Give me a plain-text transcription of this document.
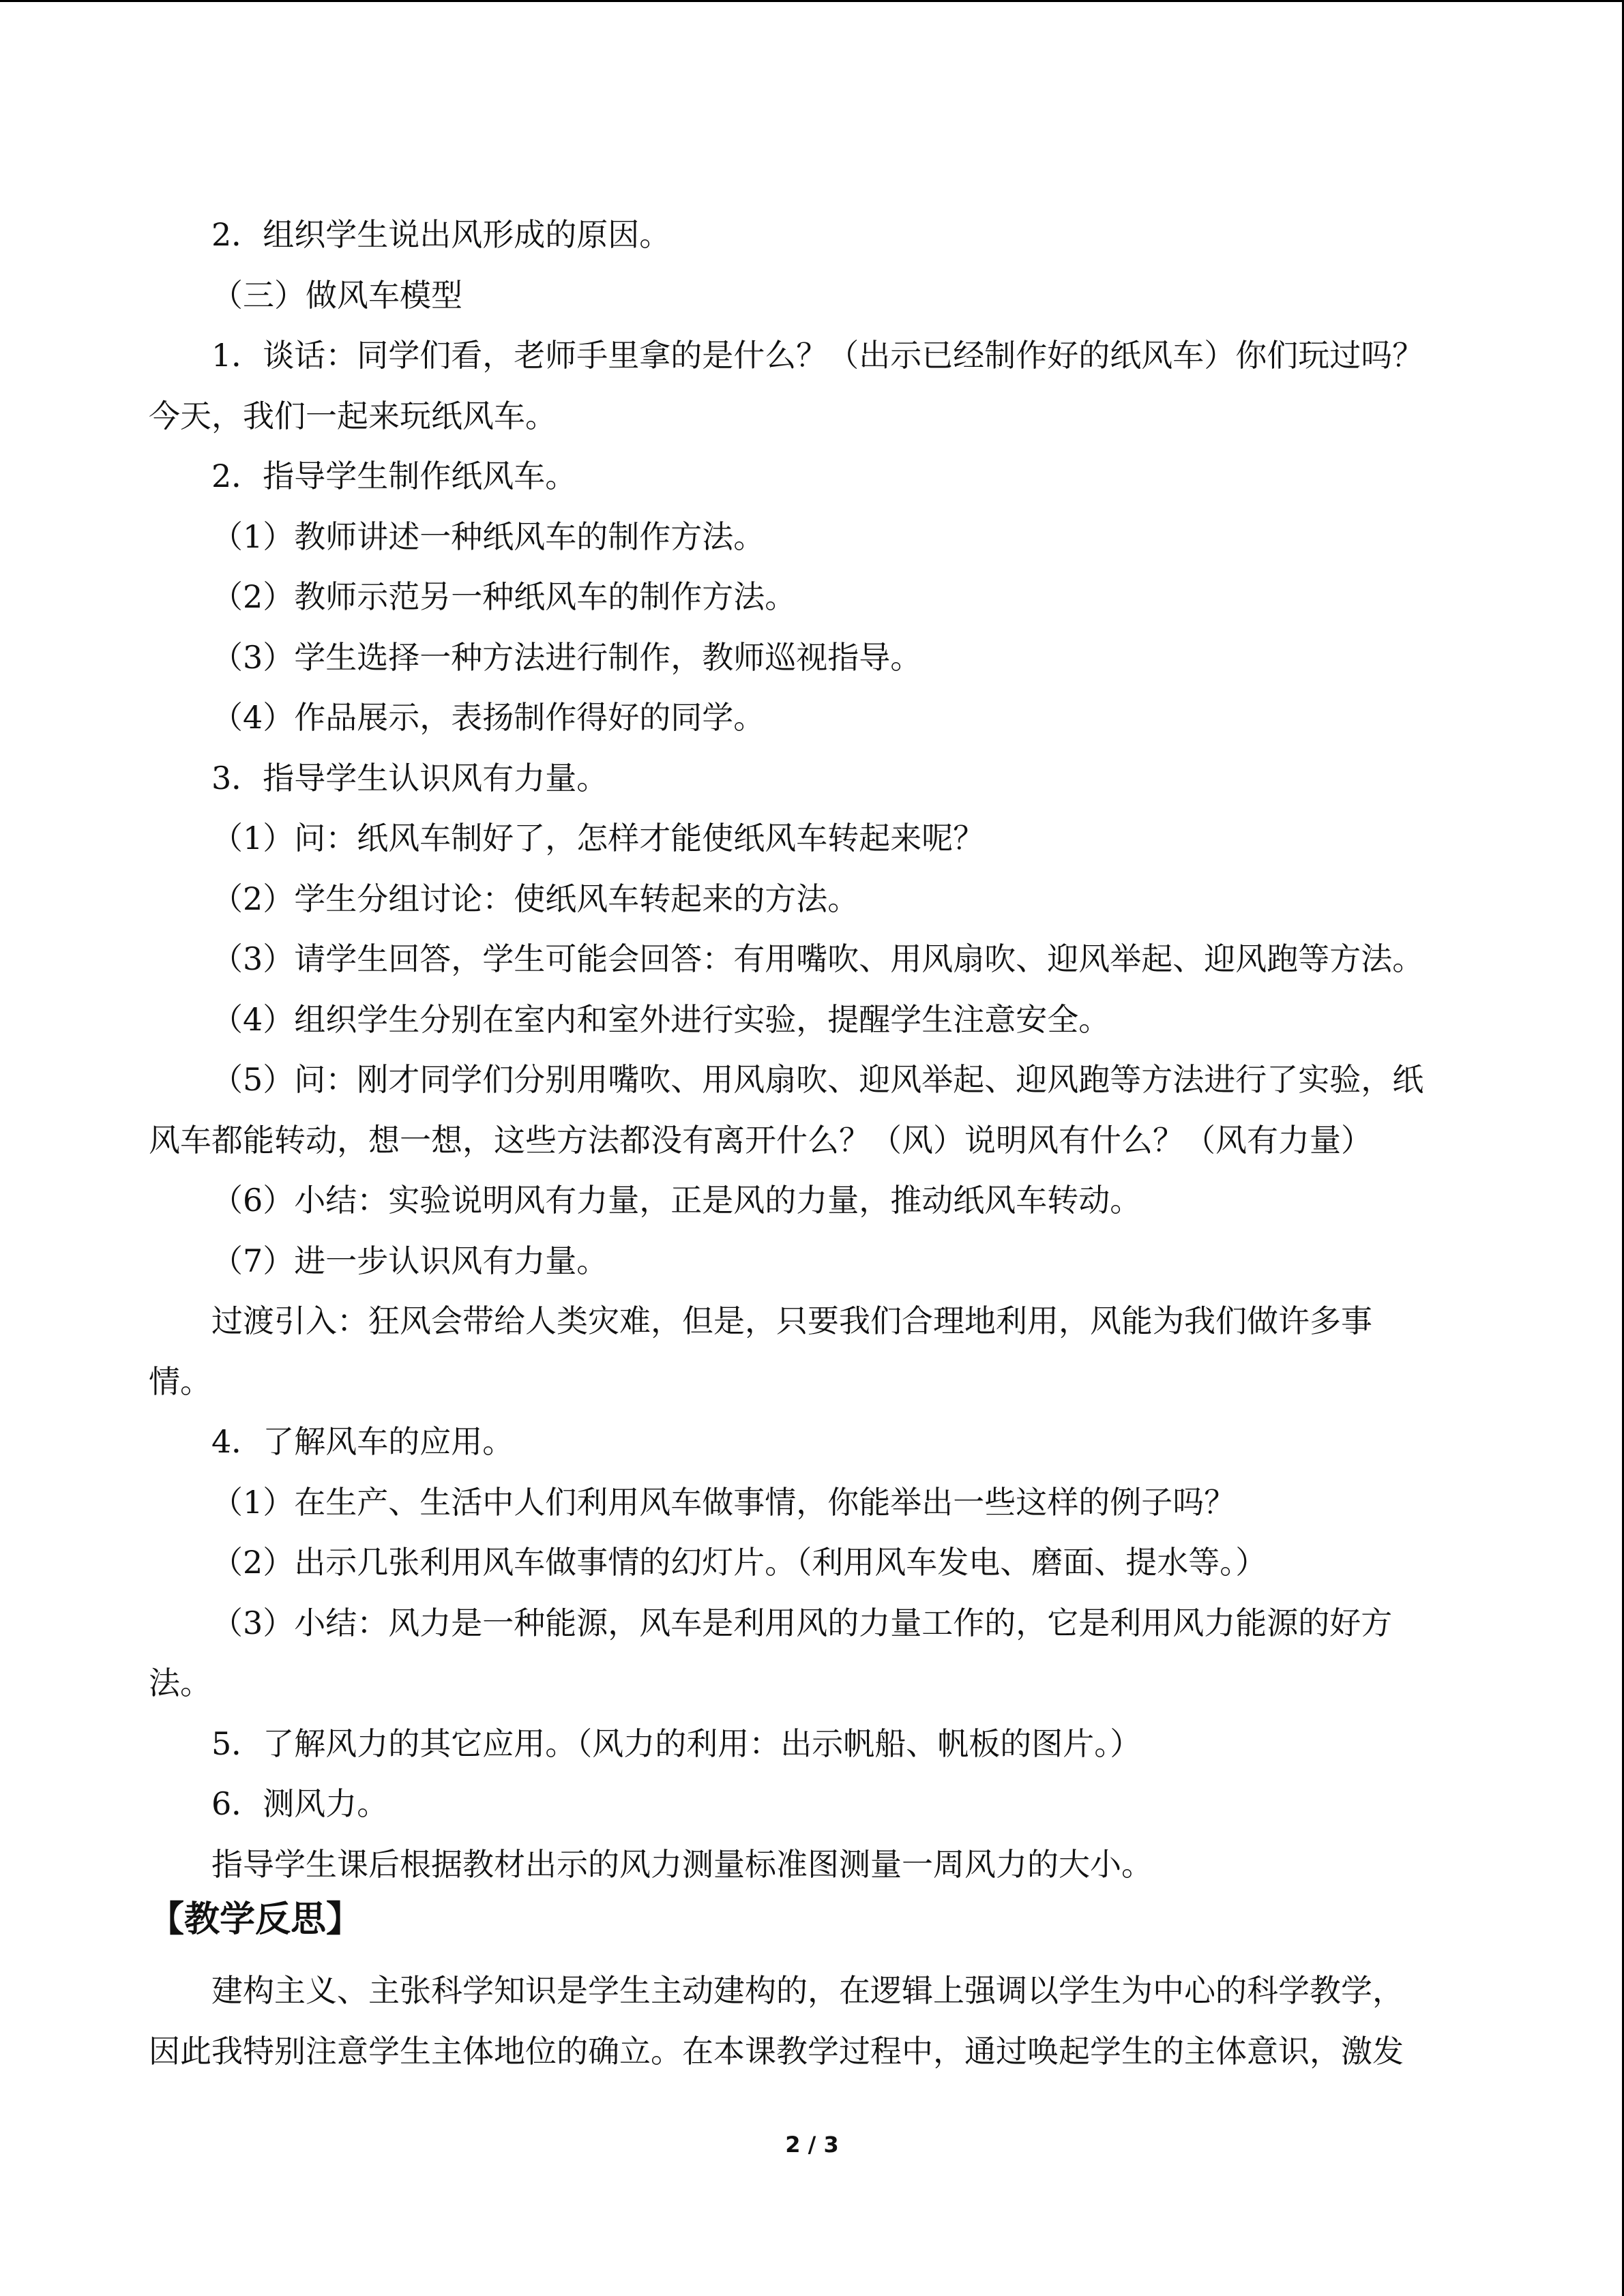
2．组织学生说出风形成的原因。

（三）做风车模型

1．谈话：同学们看，老师手里拿的是什么？（出示已经制作好的纸风车）你们玩过吗？

今天，我们一起来玩纸风车。

2．指导学生制作纸风车。

（1）教师讲述一种纸风车的制作方法。

（2）教师示范另一种纸风车的制作方法。

（3）学生选择一种方法进行制作，教师巡视指导。

（4）作品展示，表扬制作得好的同学。

3．指导学生认识风有力量。

（1）问：纸风车制好了，怎样才能使纸风车转起来呢？

（2）学生分组讨论：使纸风车转起来的方法。

（3）请学生回答，学生可能会回答：有用嘴吹、用风扇吹、迎风举起、迎风跑等方法。

（4）组织学生分别在室内和室外进行实验，提醒学生注意安全。

（5）问：刚才同学们分别用嘴吹、用风扇吹、迎风举起、迎风跑等方法进行了实验，纸

风车都能转动，想一想，这些方法都没有离开什么？（风）说明风有什么？（风有力量）

（6）小结：实验说明风有力量，正是风的力量，推动纸风车转动。

（7）进一步认识风有力量。

过渡引入：狂风会带给人类灾难，但是，只要我们合理地利用，风能为我们做许多事

情。

4．了解风车的应用。

（1）在生产、生活中人们利用风车做事情，你能举出一些这样的例子吗？

（2）出示几张利用风车做事情的幻灯片。（利用风车发电、磨面、提水等。）

（3）小结：风力是一种能源，风车是利用风的力量工作的，它是利用风力能源的好方

法。

5．了解风力的其它应用。（风力的利用：出示帆船、帆板的图片。）

6．测风力。

指导学生课后根据教材出示的风力测量标准图测量一周风力的大小。

【教学反思】

建构主义、主张科学知识是学生主动建构的，在逻辑上强调以学生为中心的科学教学，

因此我特别注意学生主体地位的确立。在本课教学过程中，通过唤起学生的主体意识，激发

2 / 3
